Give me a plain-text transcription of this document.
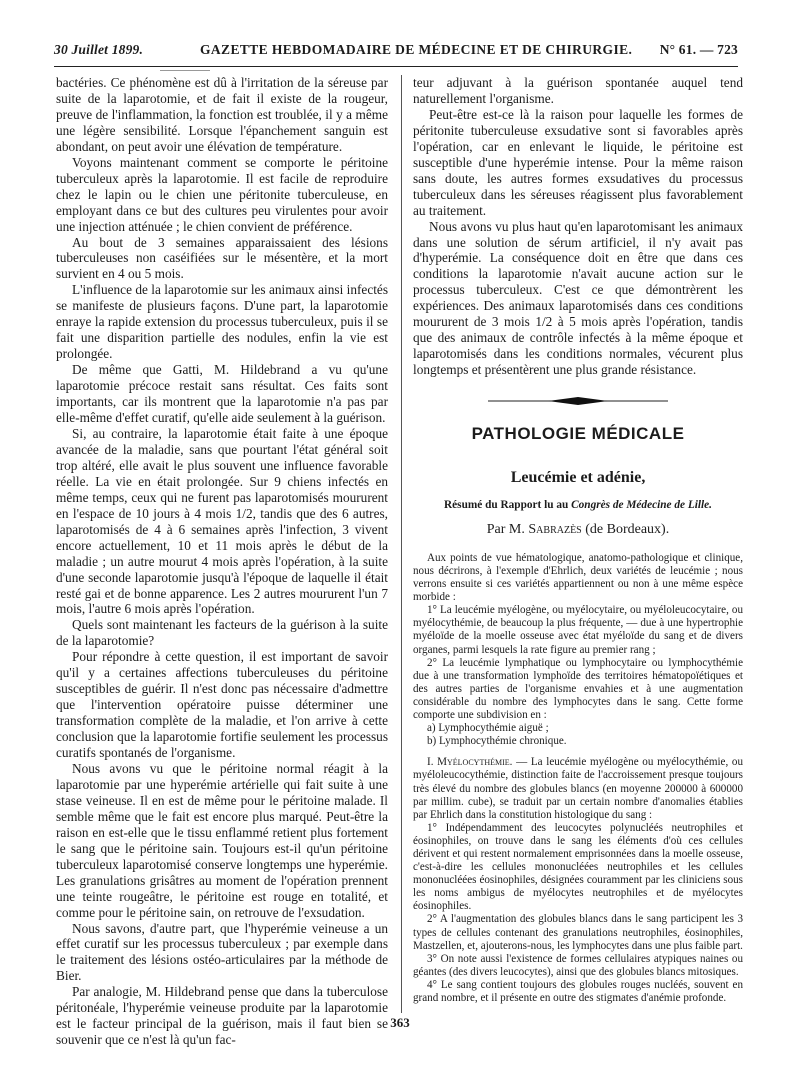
30 Juillet 1899.	GAZETTE HEBDOMADAIRE DE MÉDECINE ET DE CHIRURGIE. N° 61. — 723

bactéries. Ce phénomène est dû à l'irritation de la séreuse par suite de la laparotomie, et de fait il existe de la rougeur, preuve de l'inflammation, la fonction est troublée, il y a même une légère sensibilité. Lorsque l'épanchement sanguin est abondant, on peut avoir une élévation de température.

Voyons maintenant comment se comporte le péritoine tuberculeux après la laparotomie. Il est facile de reproduire chez le lapin ou le chien une péritonite tuberculeuse, en employant dans ce but des cultures peu virulentes pour avoir une injection atténuée ; le chien convient de préférence.

Au bout de 3 semaines apparaissaient des lésions tuberculeuses non caséifiées sur le mésentère, et la mort survient en 4 ou 5 mois.

L'influence de la laparotomie sur les animaux ainsi infectés se manifeste de plusieurs façons. D'une part, la laparotomie enraye la rapide extension du processus tuberculeux, puis il se fait une disparition partielle des nodules, enfin la vie est prolongée.

De même que Gatti, M. Hildebrand a vu qu'une laparotomie précoce restait sans résultat. Ces faits sont importants, car ils montrent que la laparotomie n'a pas par elle-même d'effet curatif, qu'elle aide seulement à la guérison.

Si, au contraire, la laparotomie était faite à une époque avancée de la maladie, sans que pourtant l'état général soit trop altéré, elle avait le plus souvent une influence favorable réelle. La vie en était prolongée. Sur 9 chiens infectés en même temps, ceux qui ne furent pas laparotomisés moururent en l'espace de 10 jours à 4 mois 1/2, tandis que des 6 autres, laparotomisés de 4 à 6 semaines après l'infection, 3 vivent encore actuellement, 10 et 11 mois après le début de la maladie ; un autre mourut 4 mois après l'opération, à la suite d'une seconde laparotomie jusqu'à l'époque de laquelle il était resté gai et de bonne apparence. Les 2 autres moururent l'un 7 mois, l'autre 6 mois après l'opération.

Quels sont maintenant les facteurs de la guérison à la suite de la laparotomie?

Pour répondre à cette question, il est important de savoir qu'il y a certaines affections tuberculeuses du péritoine susceptibles de guérir. Il n'est donc pas nécessaire d'admettre que l'intervention opératoire puisse déterminer une transformation complète de la maladie, et l'on arrive à cette conclusion que la laparotomie fortifie seulement les processus curatifs spontanés de l'organisme.

Nous avons vu que le péritoine normal réagit à la laparotomie par une hyperémie artérielle qui fait suite à une stase veineuse. Il en est de même pour le péritoine malade. Il semble même que le fait est encore plus marqué. Peut-être la raison en est-elle que le tissu enflammé retient plus fortement le sang que le péritoine sain. Toujours est-il qu'un péritoine tuberculeux laparotomisé conserve longtemps une hyperémie. Les granulations grisâtres au moment de l'opération prennent une teinte rougeâtre, le péritoine est rouge en totalité, et comme pour le péritoine sain, on retrouve de l'exsudation.

Nous savons, d'autre part, que l'hyperémie veineuse a un effet curatif sur les processus tuberculeux ; par exemple dans le traitement des lésions ostéo-articulaires par la méthode de Bier.

Par analogie, M. Hildebrand pense que dans la tuberculose péritonéale, l'hyperémie veineuse produite par la laparotomie est le facteur principal de la guérison, mais il faut bien se souvenir que ce n'est là qu'un fac-

teur adjuvant à la guérison spontanée auquel tend naturellement l'organisme.

Peut-être est-ce là la raison pour laquelle les formes de péritonite tuberculeuse exsudative sont si favorables après l'opération, car en enlevant le liquide, le péritoine est susceptible d'une hyperémie intense. Pour la même raison sans doute, les autres formes exsudatives du processus tuberculeux dans les séreuses réagissent plus favorablement au traitement.

Nous avons vu plus haut qu'en laparotomisant les animaux dans une solution de sérum artificiel, il n'y avait pas d'hyperémie. La conséquence doit en être que dans ces conditions la laparotomie n'avait aucune action sur le processus tuberculeux. C'est ce que démontrèrent les expériences. Des animaux laparotomisés dans ces conditions moururent de 3 mois 1/2 à 5 mois après l'opération, tandis que des animaux de contrôle infectés à la même époque et laparotomisés dans les conditions normales, vécurent plus longtemps et présentèrent une plus grande résistance.

PATHOLOGIE MÉDICALE
Leucémie et adénie,
Résumé du Rapport lu au Congrès de Médecine de Lille.
Par M. Sabrazès (de Bordeaux).

Aux points de vue hématologique, anatomo-pathologique et clinique, nous décrirons, à l'exemple d'Ehrlich, deux variétés de leucémie ; nous verrons ensuite si ces variétés appartiennent ou non à une même espèce morbide :

1° La leucémie myélogène, ou myélocytaire, ou myéloleucocytaire, ou myélocythémie, de beaucoup la plus fréquente, — due à une hypertrophie myéloïde de la moelle osseuse avec état myéloïde du sang et de divers organes, parmi lesquels la rate figure au premier rang ;

2° La leucémie lymphatique ou lymphocytaire ou lymphocythémie due à une transformation lymphoïde des territoires hématopoïétiques et des autres parties de l'organisme envahies et à une augmentation considérable du nombre des lymphocytes dans le sang. Cette forme comporte une subdivision en :

a) Lymphocythémie aiguë ;

b) Lymphocythémie chronique.

I. Myélocythémie. — La leucémie myélogène ou myélocythémie, ou myéloleucocythémie, distinction faite de l'accroissement presque toujours très élevé du nombre des globules blancs (en moyenne 200000 à 600000 par millim. cube), se traduit par un certain nombre d'anomalies établies par Ehrlich dans la constitution histologique du sang :

1° Indépendamment des leucocytes polynucléés neutrophiles et éosinophiles, on trouve dans le sang les éléments d'où ces cellules dérivent et qui restent normalement emprisonnées dans la moelle osseuse, c'est-à-dire les cellules mononucléées neutrophiles et les cellules mononucléées éosinophiles, désignées couramment par les cliniciens sous les noms ambigus de myélocytes neutrophiles et de myélocytes éosinophiles.

2° A l'augmentation des globules blancs dans le sang participent les 3 types de cellules contenant des granulations neutrophiles, éosinophiles, Mastzellen, et, ajouterons-nous, les lymphocytes dans une plus faible part.

3° On note aussi l'existence de formes cellulaires atypiques naines ou géantes (des divers leucocytes), ainsi que des globules blancs mitosiques.

4° Le sang contient toujours des globules rouges nucléés, souvent en grand nombre, et il présente en outre des stigmates d'anémie profonde.

363
